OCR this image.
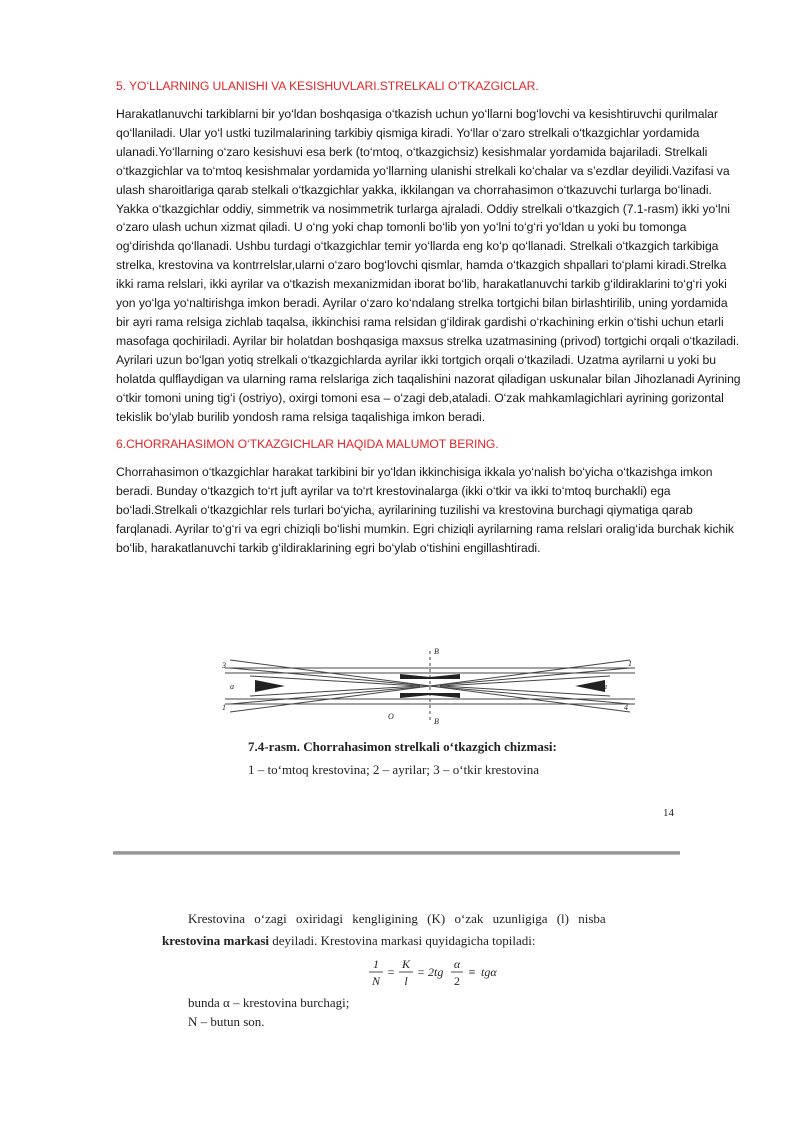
5. YO‘LLARNING ULANISHI VA KESISHUVLARI.STRELKALI O‘TKAZGICLAR.

Harakatlanuvchi tarkiblarni bir yo‘ldan boshqasiga o‘tkazish uchun yo‘llarni bog‘lovchi va kesishtiruvchi qurilmalar qo‘llaniladi. Ular yo‘l ustki tuzilmalarining tarkibiy qismiga kiradi. Yo‘llar o‘zaro strelkali o‘tkazgichlar yordamida ulanadi.Yo‘llarning o‘zaro kesishuvi esa berk (to‘mtoq, o‘tkazgichsiz) kesishmalar yordamida bajariladi. Strelkali o‘tkazgichlar va to‘mtoq kesishmalar yordamida yo‘llarning ulanishi strelkali ko‘chalar va s’ezdlar deyilidi.Vazifasi va ulash sharoitlariga qarab stelkali o‘tkazgichlar yakka, ikkilangan va chorrahasimon o‘tkazuvchi turlarga bo‘linadi. Yakka o‘tkazgichlar oddiy, simmetrik va nosimmetrik turlarga ajraladi. Oddiy strelkali o‘tkazgich (7.1-rasm) ikki yo‘lni o‘zaro ulash uchun xizmat qiladi. U o‘ng yoki chap tomonli bo‘lib yon yo‘lni to‘g‘ri yo‘ldan u yoki bu tomonga og‘dirishda qo‘llanadi. Ushbu turdagi o‘tkazgichlar temir yo‘llarda eng ko‘p qo‘llanadi. Strelkali o‘tkazgich tarkibiga strelka, krestovina va kontrrelslar,ularni o‘zaro bog‘lovchi qismlar, hamda o‘tkazgich shpallari to‘plami kiradi.Strelka ikki rama relslari, ikki ayrilar va o‘tkazish mexanizmidan iborat bo‘lib, harakatlanuvchi tarkib g‘ildiraklarini to‘g‘ri yoki yon yo‘lga yo‘naltirishga imkon beradi. Ayrilar o‘zaro ko‘ndalang strelka tortgichi bilan birlashtirilib, uning yordamida bir ayri rama relsiga zichlab taqalsa, ikkinchisi rama relsidan g‘ildirak gardishi o‘rkachining erkin o‘tishi uchun etarli masofaga qochiriladi. Ayrilar bir holatdan boshqasiga maxsus strelka uzatmasining (privod) tortgichi orqali o‘tkaziladi. Ayrilari uzun bo‘lgan yotiq strelkali o‘tkazgichlarda ayrilar ikki tortgich orqali o‘tkaziladi. Uzatma ayrilarni u yoki bu holatda qulflaydigan va ularning rama relslariga zich taqalishini nazorat qiladigan uskunalar bilan Jihozlanadi Ayrining o‘tkir tomoni uning tig‘i (ostriyo), oxirgi tomoni esa – o‘zagi deb,ataladi. O‘zak mahkamlagichlari ayrining gorizontal tekislik bo‘ylab burilib yondosh rama relsiga taqalishiga imkon beradi.

6.CHORRAHASIMON O‘TKAZGICHLAR HAQIDA MALUMOT BERING.

Chorrahasimon o‘tkazgichlar harakat tarkibini bir yo‘ldan ikkinchisiga ikkala yo‘nalish bo‘yicha o‘tkazishga imkon beradi. Bunday o‘tkazgich to‘rt juft ayrilar va to‘rt krestovinalarga (ikki o‘tkir va ikki to‘mtoq burchakli) ega bo‘ladi.Strelkali o‘tkazgichlar rels turlari bo‘yicha, ayrilarining tuzilishi va krestovina burchagi qiymatiga qarab farqlanadi. Ayrilar to‘g‘ri va egri chiziqli bo‘lishi mumkin. Egri chiziqli ayrilarning rama relslari oralig‘ida burchak kichik bo‘lib, harakatlanuvchi tarkib g‘ildiraklarining egri bo‘ylab o‘tishini engillashtiradi.

B
B
3
a
1
1
a
4
O
7.4-rasm. Chorrahasimon strelkali o‘tkazgich chizmasi:
1 – to‘mtoq krestovina; 2 – ayrilar; 3 – o‘tkir krestovina
14
Krestovina o‘zagi oxiridagi kengligining (K) o‘zak uzunligiga (l) nisba
krestovina markasi deyiladi. Krestovina markasi quyidagicha topiladi:
1
N
=
K
l
= 2tg
α
2
≡ tgα
bunda α – krestovina burchagi;
N – butun son.
